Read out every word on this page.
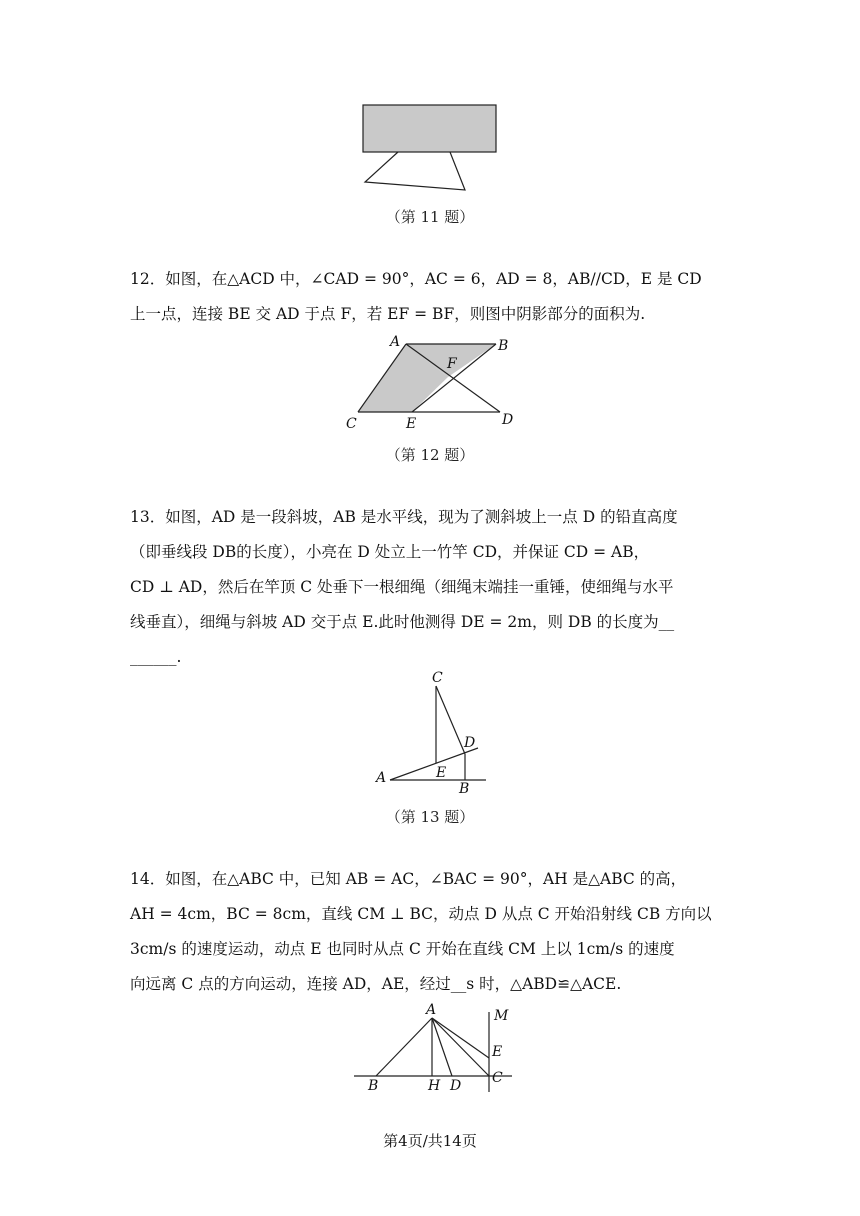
（第 11 题）
12．如图，在△ACD 中，∠CAD = 90°，AC = 6，AD = 8，AB//CD，E 是 CD
上一点，连接 BE 交 AD 于点 F，若 EF = BF，则图中阴影部分的面积为.
A	B
F
C	E	D
（第 12 题）
13．如图，AD 是一段斜坡，AB 是水平线，现为了测斜坡上一点 D 的铅直高度
（即垂线段 DB的长度），小亮在 D 处立上一竹竿 CD，并保证 CD = AB，
CD ⊥ AD，然后在竿顶 C 处垂下一根细绳（细绳末端挂一重锤，使细绳与水平
线垂直），细绳与斜坡 AD 交于点 E.此时他测得 DE = 2m，则 DB 的长度为__
______.
C
D
A	E
B
（第 13 题）
14．如图，在△ABC 中，已知 AB = AC，∠BAC = 90°，AH 是△ABC 的高，
AH = 4cm，BC = 8cm，直线 CM ⊥ BC，动点 D 从点 C 开始沿射线 CB 方向以
3cm/s 的速度运动，动点 E 也同时从点 C 开始在直线 CM 上以 1cm/s 的速度
向远离 C 点的方向运动，连接 AD，AE，经过__s 时，△ABD≌△ACE.
A	M
E
B	H D C
第4页/共14页
